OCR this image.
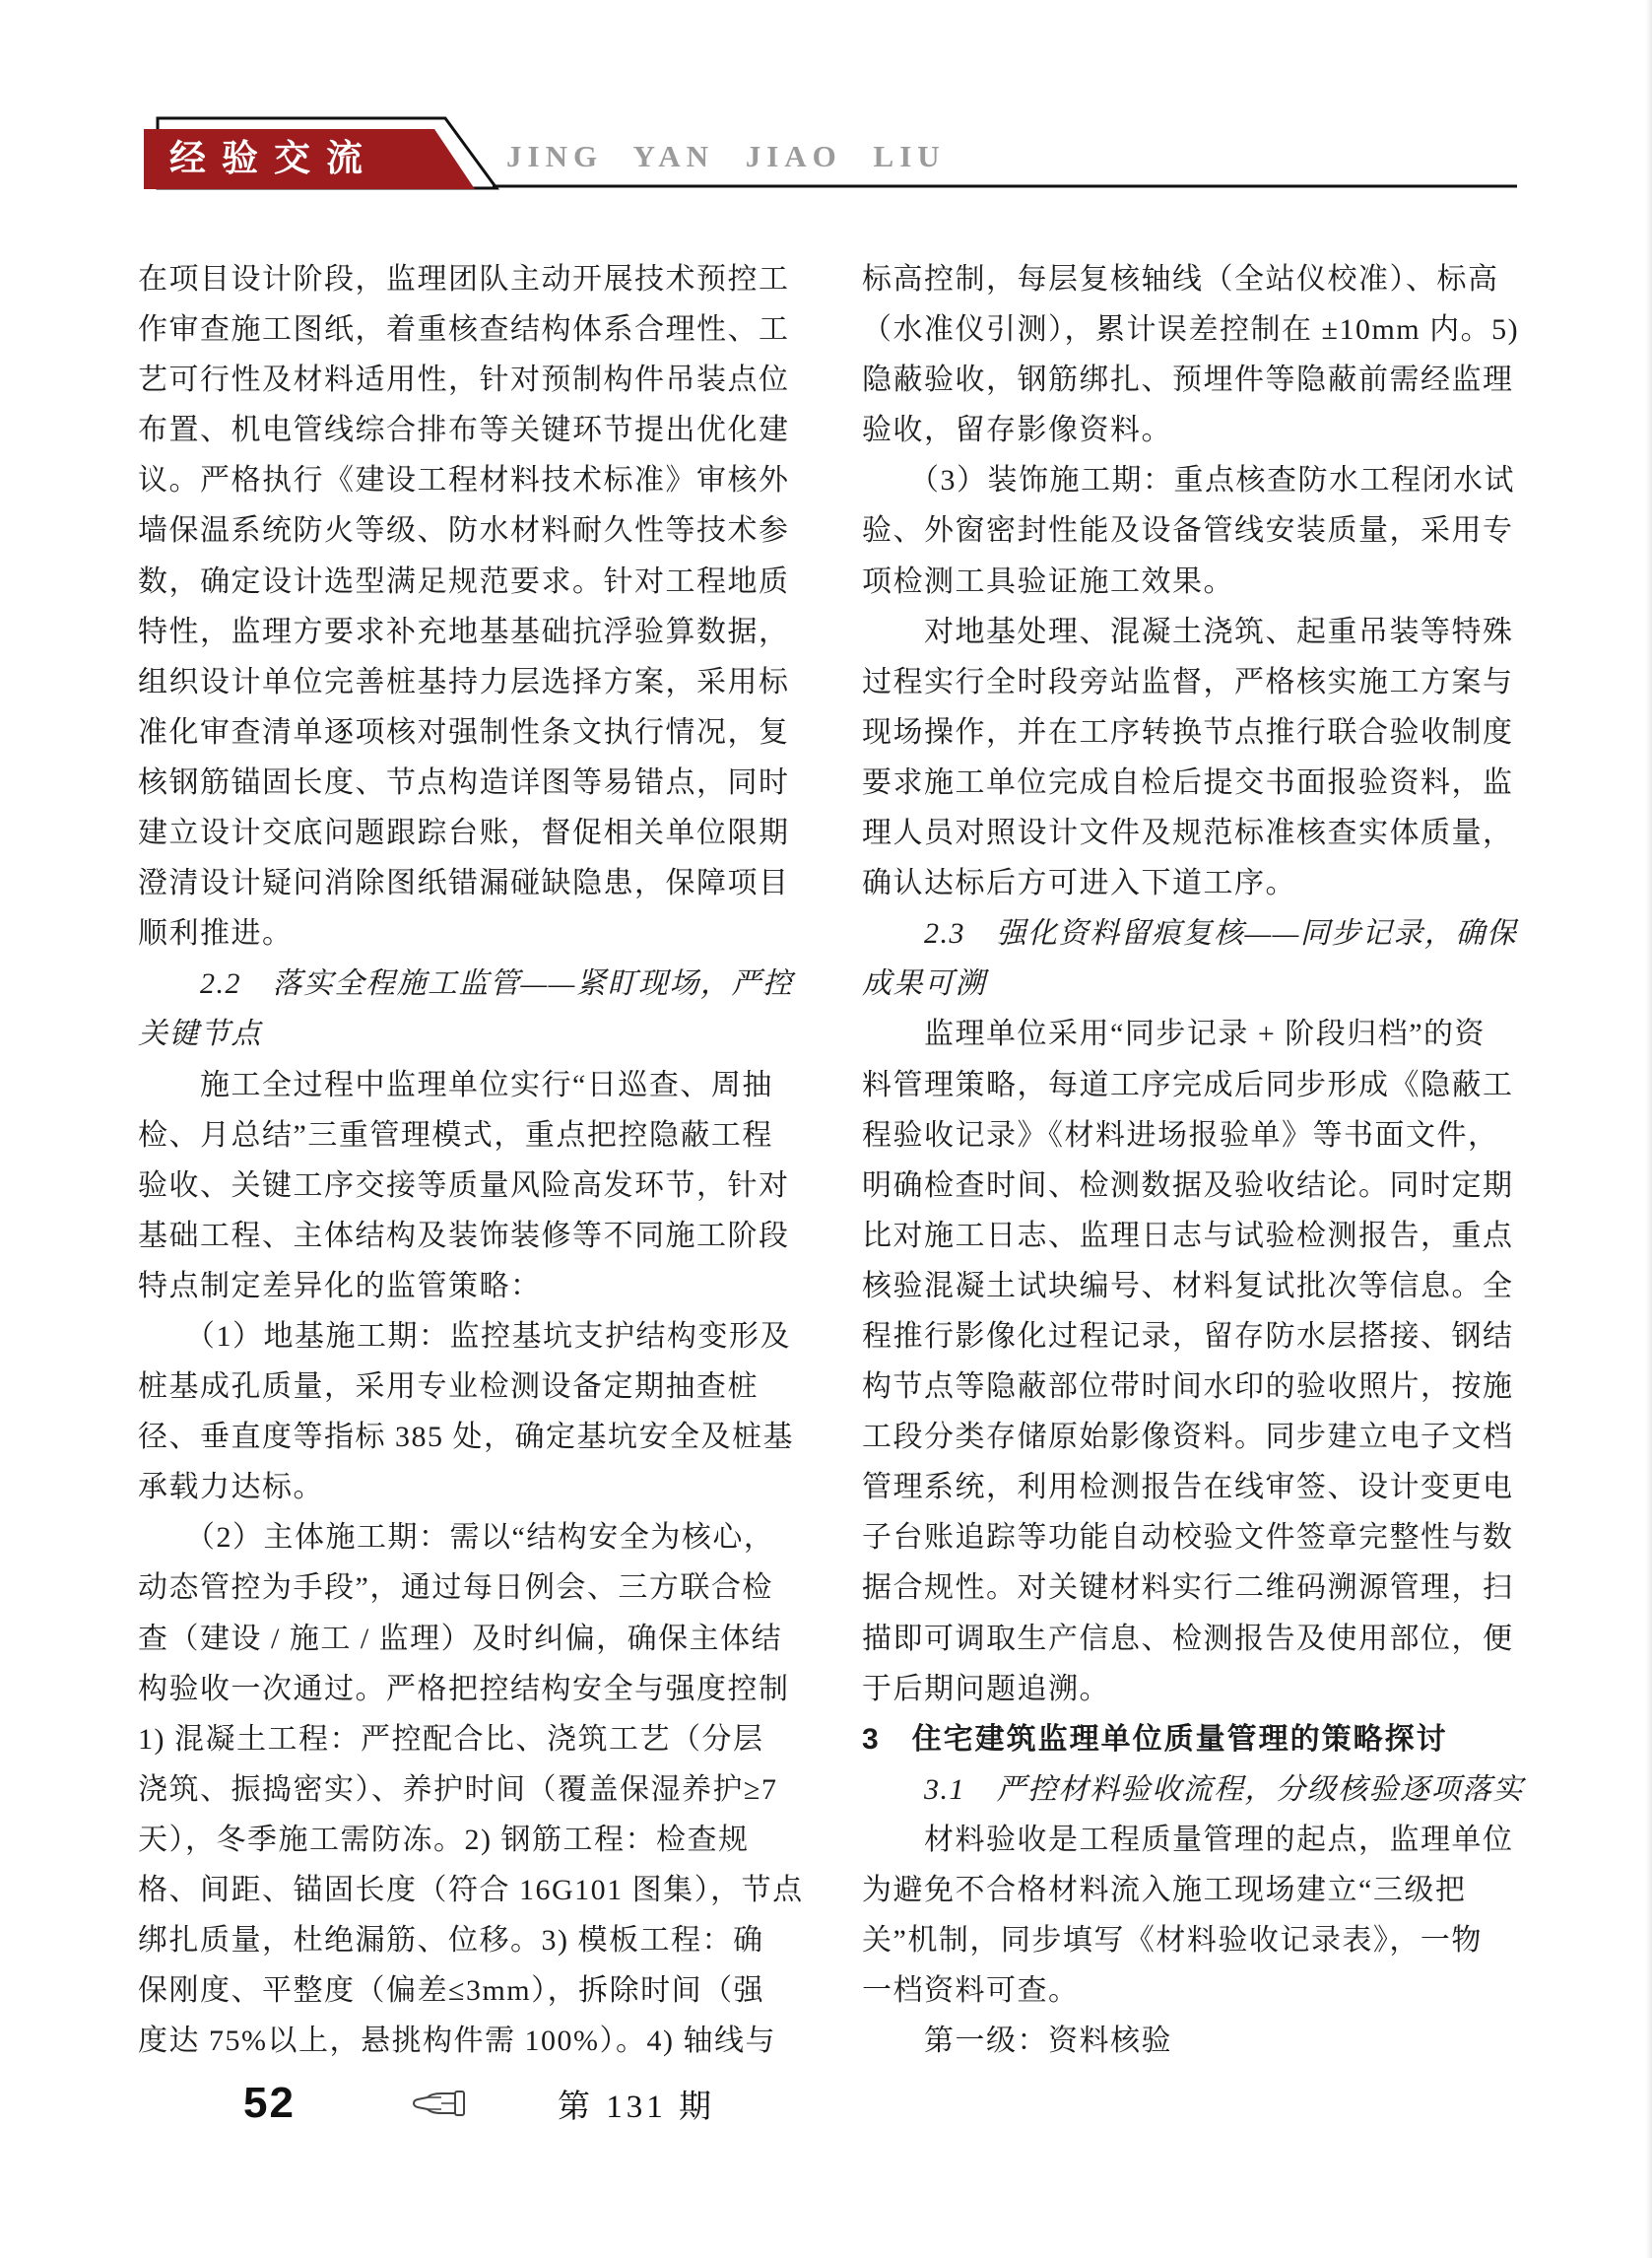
经验交流	JING YAN JIAO LIU
在项目设计阶段，监理团队主动开展技术预控工
作审查施工图纸，着重核查结构体系合理性、工
艺可行性及材料适用性，针对预制构件吊装点位
布置、机电管线综合排布等关键环节提出优化建
议。严格执行《建设工程材料技术标准》审核外
墙保温系统防火等级、防水材料耐久性等技术参
数，确定设计选型满足规范要求。针对工程地质
特性，监理方要求补充地基基础抗浮验算数据，
组织设计单位完善桩基持力层选择方案，采用标
准化审查清单逐项核对强制性条文执行情况，复
核钢筋锚固长度、节点构造详图等易错点，同时
建立设计交底问题跟踪台账，督促相关单位限期
澄清设计疑问消除图纸错漏碰缺隐患，保障项目
顺利推进。
　　2.2　落实全程施工监管——紧盯现场，严控
关键节点
　　施工全过程中监理单位实行“日巡查、周抽
检、月总结”三重管理模式，重点把控隐蔽工程
验收、关键工序交接等质量风险高发环节，针对
基础工程、主体结构及装饰装修等不同施工阶段
特点制定差异化的监管策略：
　　（1）地基施工期：监控基坑支护结构变形及
桩基成孔质量，采用专业检测设备定期抽查桩
径、垂直度等指标 385 处，确定基坑安全及桩基
承载力达标。
　　（2）主体施工期：需以“结构安全为核心，
动态管控为手段”，通过每日例会、三方联合检
查（建设 / 施工 / 监理）及时纠偏，确保主体结
构验收一次通过。严格把控结构安全与强度控制
1) 混凝土工程：严控配合比、浇筑工艺（分层
浇筑、振捣密实）、养护时间（覆盖保湿养护≥7
天），冬季施工需防冻。2) 钢筋工程：检查规
格、间距、锚固长度（符合 16G101 图集），节点
绑扎质量，杜绝漏筋、位移。3) 模板工程：确
保刚度、平整度（偏差≤3mm），拆除时间（强
度达 75%以上，悬挑构件需 100%）。4) 轴线与
标高控制，每层复核轴线（全站仪校准）、标高
（水准仪引测），累计误差控制在 ±10mm 内。5)
隐蔽验收，钢筋绑扎、预埋件等隐蔽前需经监理
验收，留存影像资料。
　　（3）装饰施工期：重点核查防水工程闭水试
验、外窗密封性能及设备管线安装质量，采用专
项检测工具验证施工效果。
　　对地基处理、混凝土浇筑、起重吊装等特殊
过程实行全时段旁站监督，严格核实施工方案与
现场操作，并在工序转换节点推行联合验收制度
要求施工单位完成自检后提交书面报验资料，监
理人员对照设计文件及规范标准核查实体质量，
确认达标后方可进入下道工序。
　　2.3　强化资料留痕复核——同步记录，确保
成果可溯
　　监理单位采用“同步记录 + 阶段归档”的资
料管理策略，每道工序完成后同步形成《隐蔽工
程验收记录》《材料进场报验单》等书面文件，
明确检查时间、检测数据及验收结论。同时定期
比对施工日志、监理日志与试验检测报告，重点
核验混凝土试块编号、材料复试批次等信息。全
程推行影像化过程记录，留存防水层搭接、钢结
构节点等隐蔽部位带时间水印的验收照片，按施
工段分类存储原始影像资料。同步建立电子文档
管理系统，利用检测报告在线审签、设计变更电
子台账追踪等功能自动校验文件签章完整性与数
据合规性。对关键材料实行二维码溯源管理，扫
描即可调取生产信息、检测报告及使用部位，便
于后期问题追溯。
3　住宅建筑监理单位质量管理的策略探讨
　　3.1　严控材料验收流程，分级核验逐项落实
　　材料验收是工程质量管理的起点，监理单位
为避免不合格材料流入施工现场建立“三级把
关”机制，同步填写《材料验收记录表》，一物
一档资料可查。
　　第一级：资料核验
52	第 131 期
